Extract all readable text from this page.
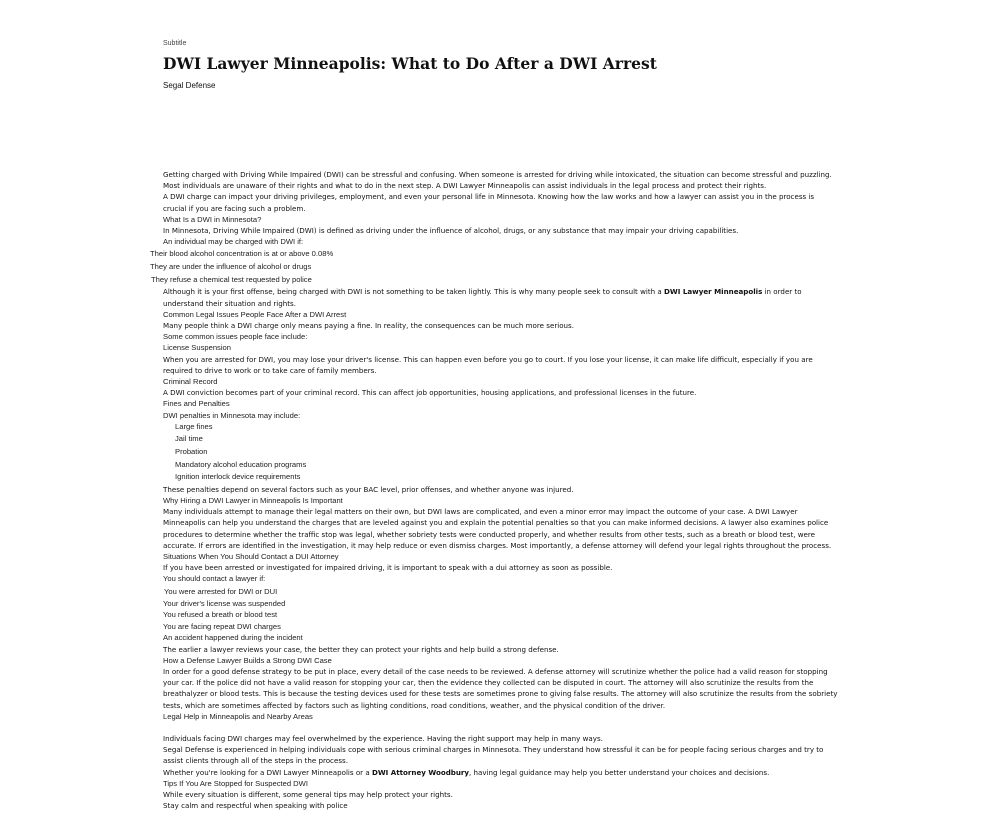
Subtitle
DWI Lawyer Minneapolis: What to Do After a DWI Arrest
Segal Defense

Getting charged with Driving While Impaired (DWI) can be stressful and confusing. When someone is arrested for driving while intoxicated, the situation can become stressful and puzzling. Most individuals are unaware of their rights and what to do in the next step. A DWI Lawyer Minneapolis can assist individuals in the legal process and protect their rights.

A DWI charge can impact your driving privileges, employment, and even your personal life in Minnesota. Knowing how the law works and how a lawyer can assist you in the process is crucial if you are facing such a problem.

What Is a DWI in Minnesota?

In Minnesota, Driving While Impaired (DWI) is defined as driving under the influence of alcohol, drugs, or any substance that may impair your driving capabilities.

An individual may be charged with DWI if:

Their blood alcohol concentration is at or above 0.08%

They are under the influence of alcohol or drugs

They refuse a chemical test requested by police

Although it is your first offense, being charged with DWI is not something to be taken lightly. This is why many people seek to consult with a DWI Lawyer Minneapolis in order to understand their situation and rights.

Common Legal Issues People Face After a DWI Arrest

Many people think a DWI charge only means paying a fine. In reality, the consequences can be much more serious.

Some common issues people face include:

License Suspension

When you are arrested for DWI, you may lose your driver's license. This can happen even before you go to court. If you lose your license, it can make life difficult, especially if you are required to drive to work or to take care of family members.

Criminal Record

A DWI conviction becomes part of your criminal record. This can affect job opportunities, housing applications, and professional licenses in the future.

Fines and Penalties

DWI penalties in Minnesota may include:

Large fines

Jail time

Probation

Mandatory alcohol education programs

Ignition interlock device requirements

These penalties depend on several factors such as your BAC level, prior offenses, and whether anyone was injured.

Why Hiring a DWI Lawyer in Minneapolis Is Important

Many individuals attempt to manage their legal matters on their own, but DWI laws are complicated, and even a minor error may impact the outcome of your case. A DWI Lawyer Minneapolis can help you understand the charges that are leveled against you and explain the potential penalties so that you can make informed decisions. A lawyer also examines police procedures to determine whether the traffic stop was legal, whether sobriety tests were conducted properly, and whether results from other tests, such as a breath or blood test, were accurate. If errors are identified in the investigation, it may help reduce or even dismiss charges. Most importantly, a defense attorney will defend your legal rights throughout the process.

Situations When You Should Contact a DUI Attorney

If you have been arrested or investigated for impaired driving, it is important to speak with a dui attorney as soon as possible.

You should contact a lawyer if:

You were arrested for DWI or DUI

Your driver's license was suspended

You refused a breath or blood test

You are facing repeat DWI charges

An accident happened during the incident

The earlier a lawyer reviews your case, the better they can protect your rights and help build a strong defense.

How a Defense Lawyer Builds a Strong DWI Case

In order for a good defense strategy to be put in place, every detail of the case needs to be reviewed. A defense attorney will scrutinize whether the police had a valid reason for stopping your car. If the police did not have a valid reason for stopping your car, then the evidence they collected can be disputed in court. The attorney will also scrutinize the results from the breathalyzer or blood tests. This is because the testing devices used for these tests are sometimes prone to giving false results. The attorney will also scrutinize the results from the sobriety tests, which are sometimes affected by factors such as lighting conditions, road conditions, weather, and the physical condition of the driver.

Legal Help in Minneapolis and Nearby Areas

Individuals facing DWI charges may feel overwhelmed by the experience. Having the right support may help in many ways.

Segal Defense is experienced in helping individuals cope with serious criminal charges in Minnesota. They understand how stressful it can be for people facing serious charges and try to assist clients through all of the steps in the process.

Whether you're looking for a DWI Lawyer Minneapolis or a DWI Attorney Woodbury, having legal guidance may help you better understand your choices and decisions.

Tips If You Are Stopped for Suspected DWI

While every situation is different, some general tips may help protect your rights.

Stay calm and respectful when speaking with police
